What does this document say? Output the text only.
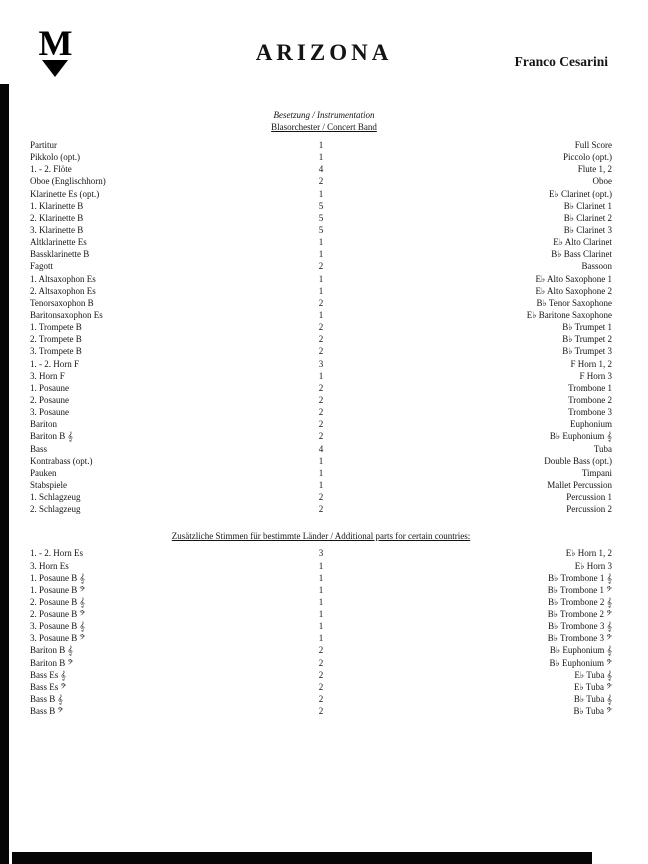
M	ARIZONA	Franco Cesarini
Besetzung / Instrumentation
Blasorchester / Concert Band
Partitur	1	Full Score
Pikkolo (opt.)	1	Piccolo (opt.)
1. - 2. Flöte	4	Flute 1, 2
Oboe (Englischhorn)	2	Oboe
Klarinette Es (opt.)	1	E♭ Clarinet (opt.)
1. Klarinette B	5	B♭ Clarinet 1
2. Klarinette B	5	B♭ Clarinet 2
3. Klarinette B	5	B♭ Clarinet 3
Altklarinette Es	1	E♭ Alto Clarinet
Bassklarinette B	1	B♭ Bass Clarinet
Fagott	2	Bassoon
1. Altsaxophon Es	1	E♭ Alto Saxophone 1
2. Altsaxophon Es	1	E♭ Alto Saxophone 2
Tenorsaxophon B	2	B♭ Tenor Saxophone
Baritonsaxophon Es	1	E♭ Baritone Saxophone
1. Trompete B	2	B♭ Trumpet 1
2. Trompete B	2	B♭ Trumpet 2
3. Trompete B	2	B♭ Trumpet 3
1. - 2. Horn F	3	F Horn 1, 2
3. Horn F	1	F Horn 3
1. Posaune	2	Trombone 1
2. Posaune	2	Trombone 2
3. Posaune	2	Trombone 3
Bariton	2	Euphonium
Bariton B 𝄞	2	B♭ Euphonium 𝄞
Bass	4	Tuba
Kontrabass (opt.)	1	Double Bass (opt.)
Pauken	1	Timpani
Stabspiele	1	Mallet Percussion
1. Schlagzeug	2	Percussion 1
2. Schlagzeug	2	Percussion 2
Zusätzliche Stimmen für bestimmte Länder / Additional parts for certain countries:
1. - 2. Horn Es	3	E♭ Horn 1, 2
3. Horn Es	1	E♭ Horn 3
1. Posaune B 𝄞	1	B♭ Trombone 1 𝄞
1. Posaune B 𝄢	1	B♭ Trombone 1 𝄢
2. Posaune B 𝄞	1	B♭ Trombone 2 𝄞
2. Posaune B 𝄢	1	B♭ Trombone 2 𝄢
3. Posaune B 𝄞	1	B♭ Trombone 3 𝄞
3. Posaune B 𝄢	1	B♭ Trombone 3 𝄢
Bariton B 𝄞	2	B♭ Euphonium 𝄞
Bariton B 𝄢	2	B♭ Euphonium 𝄢
Bass Es 𝄞	2	E♭ Tuba 𝄞
Bass Es 𝄢	2	E♭ Tuba 𝄢
Bass B 𝄞	2	B♭ Tuba 𝄞
Bass B 𝄢	2	B♭ Tuba 𝄢
